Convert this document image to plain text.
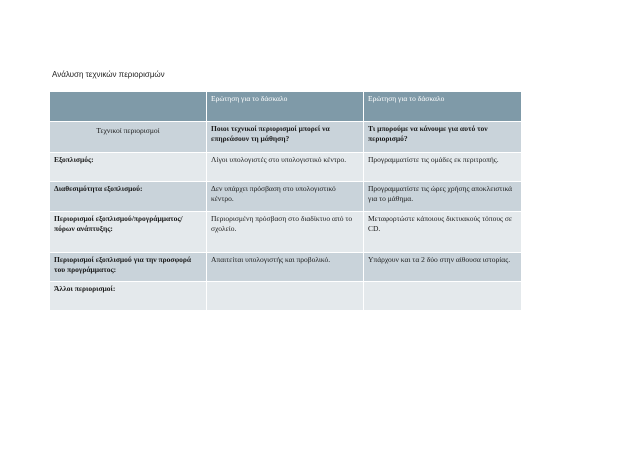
Ανάλυση τεχνικών περιορισμών
	Ερώτηση για το δάσκαλο	Ερώτηση για το δάσκαλο
Τεχνικοί περιορισμοί	Ποιοι τεχνικοί περιορισμοί μπορεί να επηρεάσουν τη μάθηση?	Τι μπορούμε να κάνουμε για αυτό τον περιορισμό?
Εξοπλισμός:	Λίγοι υπολογιστές στο υπολογιστικό κέντρο.	Προγραμματίστε τις ομάδες εκ περιτροπής.
Διαθεσιμότητα εξοπλισμού:	Δεν υπάρχει πρόσβαση στο υπολογιστικό κέντρο.	Προγραμματίστε τις ώρες χρήσης αποκλειστικά για το μάθημα.
Περιορισμοί εξοπλισμού/προγράμματος/πόρων ανάπτυξης:	Περιορισμένη πρόσβαση στο διαδίκτυο από το σχολείο.	Μεταφορτώστε κάποιους δικτυακούς τόπους σε CD.
Περιορισμοί εξοπλισμού για την προσφορά του προγράμματος:	Απαιτείται υπολογιστής και προβολικό.	Υπάρχουν και τα 2 δύο στην αίθουσα ιστορίας.
Άλλοι περιορισμοί:		
